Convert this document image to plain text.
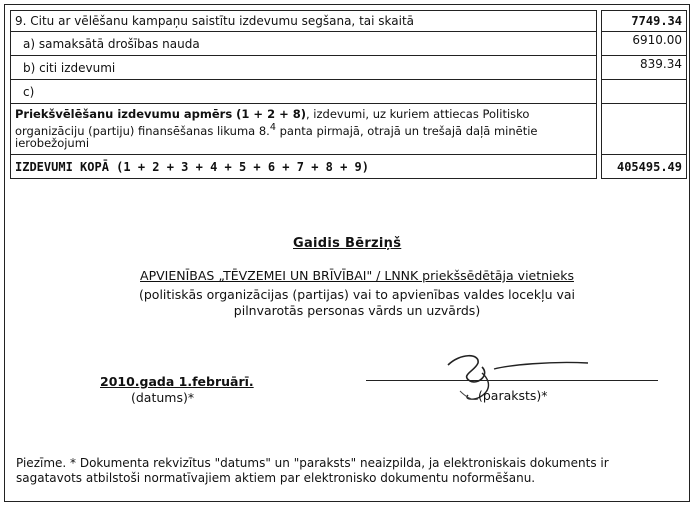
9. Citu ar vēlēšanu kampaņu saistītu izdevumu segšana, tai skaitā		7749.34
a) samaksātā drošības nauda		6910.00
b) citi izdevumi		839.34
c)		
Priekšvēlēšanu izdevumu apmērs (1 + 2 + 8), izdevumi, uz kuriem attiecas Politisko organizāciju (partiju) finansēšanas likuma 8.$^4$ panta pirmajā, otrajā un trešajā daļā minētie ierobežojumi		
IZDEVUMI KOPĀ (1 + 2 + 3 + 4 + 5 + 6 + 7 + 8 + 9)		405495.49
Gaidis Bērziņš
APVIENĪBAS „TĒVZEMEI UN BRĪVĪBAI" / LNNK priekšsēdētāja vietnieks
(politiskās organizācijas (partijas) vai to apvienības valdes locekļu vai pilnvarotās personas vārds un uzvārds)
2010.gada 1.februārī.
(datums)*	(paraksts)*
Piezīme. * Dokumenta rekvizītus "datums" un "paraksts" neaizpilda, ja elektroniskais dokuments ir sagatavots atbilstoši normatīvajiem aktiem par elektronisko dokumentu noformēšanu.
